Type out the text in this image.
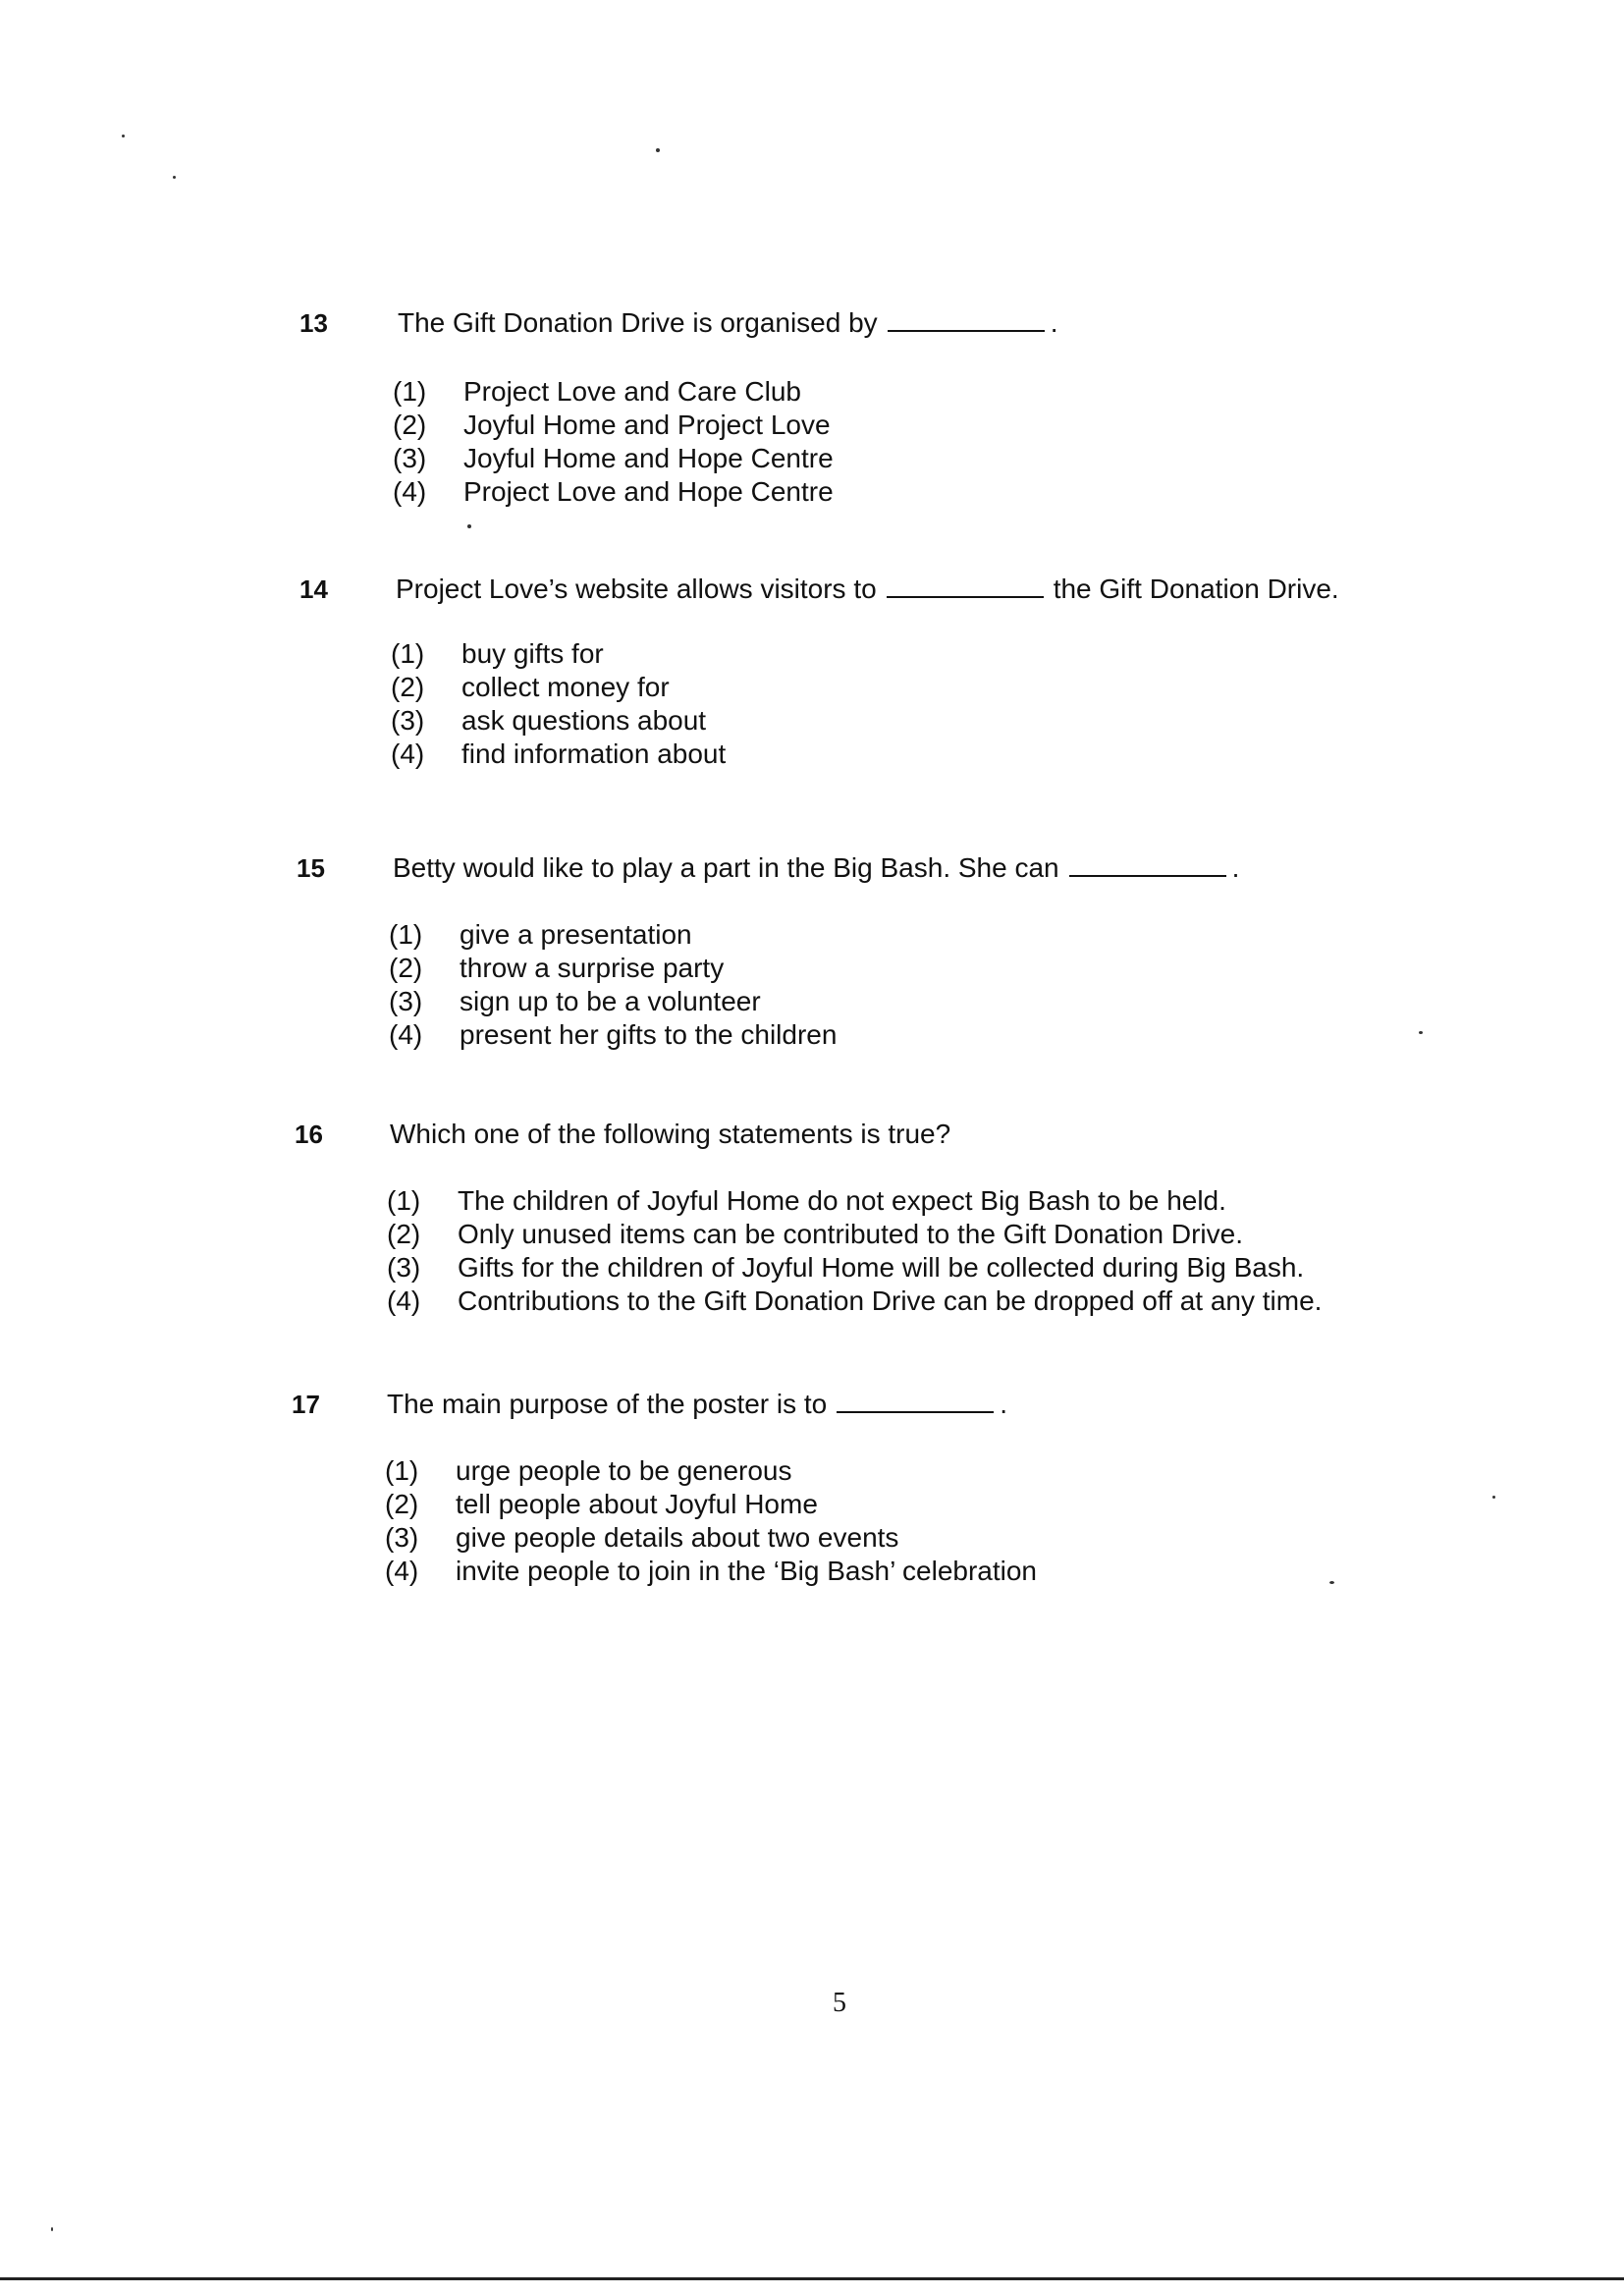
13	The Gift Donation Drive is organised by	.
(1) Project Love and Care Club
(2) Joyful Home and Project Love
(3) Joyful Home and Hope Centre
(4) Project Love and Hope Centre
14 Project Love’s website allows visitors to	the Gift Donation Drive.
(1) buy gifts for
(2) collect money for
(3) ask questions about
(4) find information about
15 Betty would like to play a part in the Big Bash. She can	.
(1) give a presentation
(2) throw a surprise party
(3) sign up to be a volunteer
(4) present her gifts to the children
16 Which one of the following statements is true?
(1) The children of Joyful Home do not expect Big Bash to be held.
(2) Only unused items can be contributed to the Gift Donation Drive.
(3) Gifts for the children of Joyful Home will be collected during Big Bash.
(4) Contributions to the Gift Donation Drive can be dropped off at any time.
17 The main purpose of the poster is to	.
(1) urge people to be generous
(2) tell people about Joyful Home
(3) give people details about two events
(4) invite people to join in the ‘Big Bash’ celebration
5
